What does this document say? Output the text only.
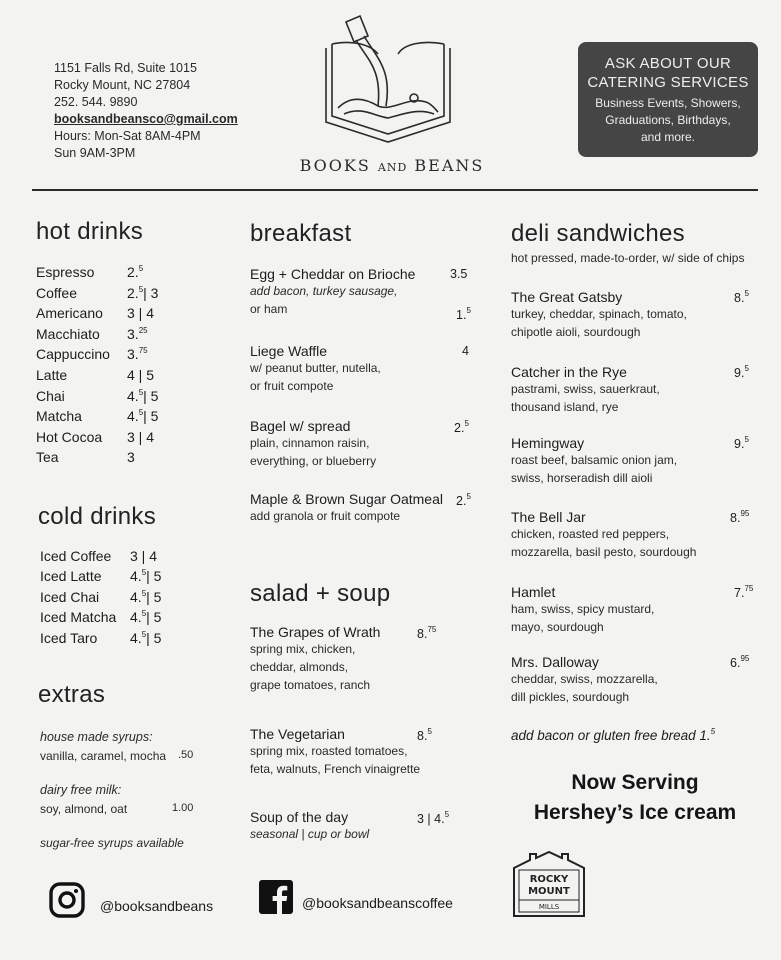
1151 Falls Rd, Suite 1015
Rocky Mount, NC 27804
252. 544. 9890
booksandbeansco@gmail.com
Hours: Mon-Sat 8AM-4PM
Sun 9AM-3PM
BOOKS AND BEANS
ASK ABOUT OUR
CATERING SERVICES
Business Events, Showers,
Graduations, Birthdays,
and more.
hot drinks
Espresso 2.$^5$
Coffee	2.$^5$| 3
Americano 3 | 4
Macchiato 3.25
Cappuccino 3.75
Latte	4 | 5
Chai	4.$^5$| 5
Matcha	4.$^5$| 5
Hot Cocoa 3 | 4
Tea	3
cold drinks
Iced Coffee 3 | 4
Iced Latte 4.$^5$| 5
Iced Chai 4.$^5$| 5
Iced Matcha 4.$^5$| 5
Iced Taro 4.$^5$| 5
extras
house made syrups:
vanilla, caramel, mocha .50
dairy free milk:
soy, almond, oat	1.00
sugar-free syrups available
breakfast
Egg + Cheddar on Brioche	3.5
add bacon, turkey sausage,
or ham	1.$^5$
Liege Waffle	4
w/ peanut butter, nutella,
or fruit compote
Bagel w/ spread	2.$^5$
plain, cinnamon raisin,
everything, or blueberry
Maple & Brown Sugar Oatmeal 2.$^5$
add granola or fruit compote
salad + soup
The Grapes of Wrath	8.75
spring mix, chicken,
cheddar, almonds,
grape tomatoes, ranch
The Vegetarian	8.$^5$
spring mix, roasted tomatoes,
feta, walnuts, French vinaigrette
Soup of the day	3 | 4.$^5$
seasonal | cup or bowl
deli sandwiches
hot pressed, made-to-order, w/ side of chips
The Great Gatsby	8.$^5$
turkey, cheddar, spinach, tomato,
chipotle aioli, sourdough
Catcher in the Rye	9.$^5$
pastrami, swiss, sauerkraut,
thousand island, rye
Hemingway	9.$^5$
roast beef, balsamic onion jam,
swiss, horseradish dill aioli
The Bell Jar	8.95
chicken, roasted red peppers,
mozzarella, basil pesto, sourdough
Hamlet	7.75
ham, swiss, spicy mustard,
mayo, sourdough
Mrs. Dalloway	6.95
cheddar, swiss, mozzarella,
dill pickles, sourdough
add bacon or gluten free bread 1.$^5$
Now Serving
Hershey’s Ice cream
@booksandbeans	@booksandbeanscoffee
ROCKY
MOUNT
MILLS
